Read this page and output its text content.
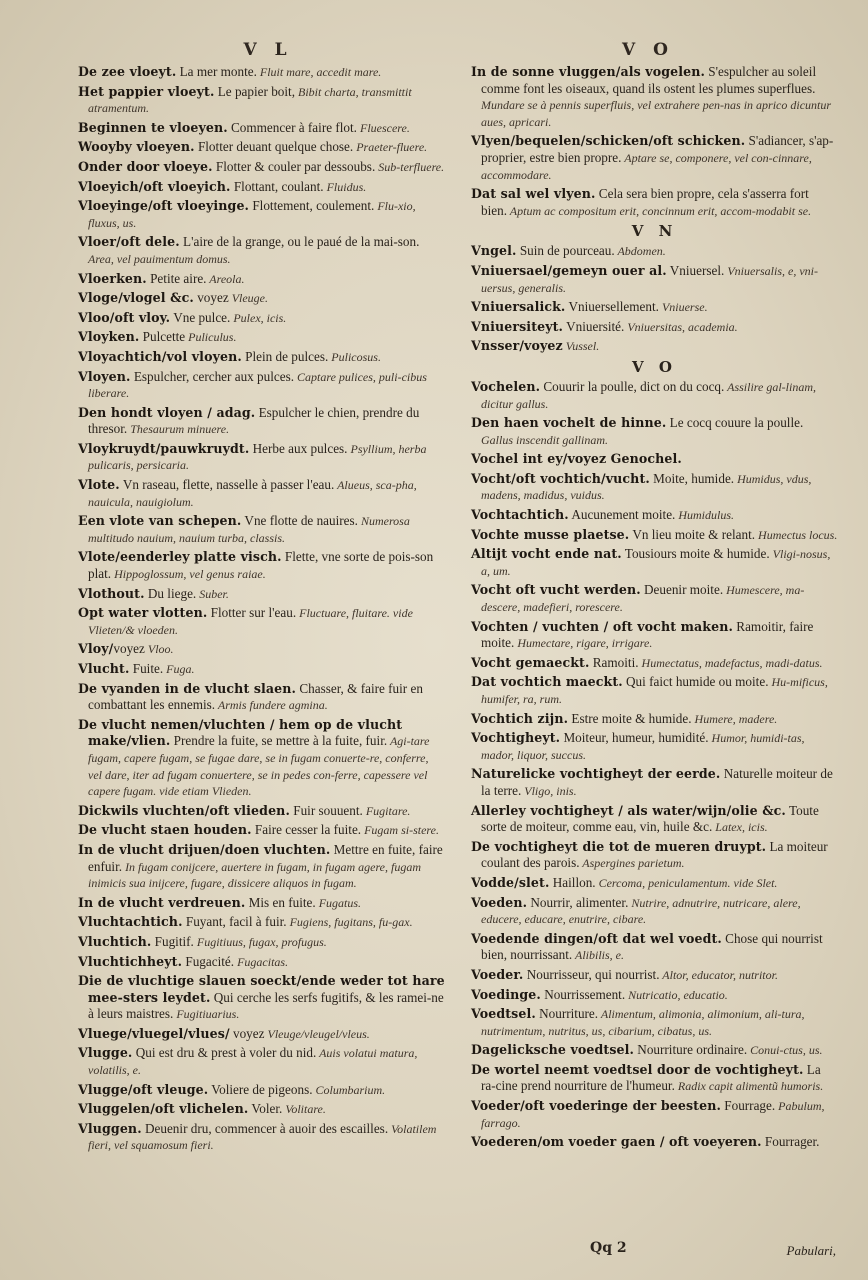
V L	V O
De zee vloeyt. La mer monte. Fluit mare, accedit mare.
Het pappier vloeyt. Le papier boit, Bibit charta, transmittit atramentum.
Beginnen te vloeyen. Commencer à faire flot. Fluescere.
Wooyby vloeyen. Flotter deuant quelque chose. Praeter-fluere.
Onder door vloeye. Flotter & couler par dessoubs. Sub-terfluere.
Vloeyich/oft vloeyich. Flottant, coulant. Fluidus.
Vloeyinge/oft vloeyinge. Flottement, coulement. Flu-xio, fluxus, us.
Vloer/oft dele. L'aire de la grange, ou le paué de la mai-son. Area, vel pauimentum domus.
Vloerken. Petite aire. Areola.
Vloge/vlogel &c. voyez Vleuge.
Vloo/oft vloy. Vne pulce. Pulex, icis.
Vloyken. Pulcette Puliculus.
Vloyachtich/vol vloyen. Plein de pulces. Pulicosus.
Vloyen. Espulcher, cercher aux pulces. Captare pulices, puli-cibus liberare.
Den hondt vloyen / adag. Espulcher le chien, prendre du thresor. Thesaurum minuere.
Vloykruydt/pauwkruydt. Herbe aux pulces. Psyllium, herba pulicaris, persicaria.
Vlote. Vn raseau, flette, nasselle à passer l'eau. Alueus, sca-pha, nauicula, nauigiolum.
Een vlote van schepen. Vne flotte de nauires. Numerosa multitudo nauium, nauium turba, classis.
Vlote/eenderley platte visch. Flette, vne sorte de pois-son plat. Hippoglossum, vel genus raiae.
Vlothout. Du liege. Suber.
Opt water vlotten. Flotter sur l'eau. Fluctuare, fluitare. vide Vlieten/& vloeden.
Vloy/voyez Vloo.
Vlucht. Fuite. Fuga.
De vyanden in de vlucht slaen. Chasser, & faire fuir en combattant les ennemis. Armis fundere agmina.
De vlucht nemen/vluchten / hem op de vlucht make/vlien. Prendre la fuite, se mettre à la fuite, fuir. Agi-tare fugam, capere fugam, se fugae dare, se in fugam conuerte-re, conferre, vel dare, iter ad fugam conuertere, se in pedes con-ferre, capessere vel capere fugam. vide etiam Vlieden.
Dickwils vluchten/oft vlieden. Fuir souuent. Fugitare.
De vlucht staen houden. Faire cesser la fuite. Fugam si-stere.
In de vlucht drijuen/doen vluchten. Mettre en fuite, faire enfuir. In fugam conijcere, auertere in fugam, in fugam agere, fugam inimicis sua inijcere, fugare, dissicere aliquos in fugam.
In de vlucht verdreuen. Mis en fuite. Fugatus.
Vluchtachtich. Fuyant, facil à fuir. Fugiens, fugitans, fu-gax.
Vluchtich. Fugitif. Fugitiuus, fugax, profugus.
Vluchtichheyt. Fugacité. Fugacitas.
Die de vluchtige slauen soeckt/ende weder tot hare mee-sters leydet. Qui cerche les serfs fugitifs, & les ramei-ne à leurs maistres. Fugitiuarius.
Vluege/vluegel/vlues/ voyez Vleuge/vleugel/vleus.
Vlugge. Qui est dru & prest à voler du nid. Auis volatui matura, volatilis, e.
Vlugge/oft vleuge. Voliere de pigeons. Columbarium.
Vluggelen/oft vlichelen. Voler. Volitare.
Vluggen. Deuenir dru, commencer à auoir des escailles. Volatilem fieri, vel squamosum fieri.
In de sonne vluggen/als vogelen. S'espulcher au soleil comme font les oiseaux, quand ils ostent les plumes superflues. Mundare se à pennis superfluis, vel extrahere pen-nas in aprico dicuntur aues, apricari.
Vlyen/bequelen/schicken/oft schicken. S'adiancer, s'ap-proprier, estre bien propre. Aptare se, componere, vel con-cinnare, accommodare.
Dat sal wel vlyen. Cela sera bien propre, cela s'asserra fort bien. Aptum ac compositum erit, concinnum erit, accom-modabit se.
V N
Vngel. Suin de pourceau. Abdomen.
Vniuersael/gemeyn ouer al. Vniuersel. Vniuersalis, e, vni-uersus, generalis.
Vniuersalick. Vniuersellement. Vniuerse.
Vniuersiteyt. Vniuersité. Vniuersitas, academia.
Vnsser/voyez Vussel.
V O
Vochelen. Couurir la poulle, dict on du cocq. Assilire gal-linam, dicitur gallus.
Den haen vochelt de hinne. Le cocq couure la poulle. Gallus inscendit gallinam.
Vochel int ey/voyez Genochel.
Vocht/oft vochtich/vucht. Moite, humide. Humidus, vdus, madens, madidus, vuidus.
Vochtachtich. Aucunement moite. Humidulus.
Vochte musse plaetse. Vn lieu moite & relant. Humectus locus.
Altijt vocht ende nat. Tousiours moite & humide. Vligi-nosus, a, um.
Vocht oft vucht werden. Deuenir moite. Humescere, ma-descere, madefieri, rorescere.
Vochten / vuchten / oft vocht maken. Ramoitir, faire moite. Humectare, rigare, irrigare.
Vocht gemaeckt. Ramoiti. Humectatus, madefactus, madi-datus.
Dat vochtich maeckt. Qui faict humide ou moite. Hu-mificus, humifer, ra, rum.
Vochtich zijn. Estre moite & humide. Humere, madere.
Vochtigheyt. Moiteur, humeur, humidité. Humor, humidi-tas, mador, liquor, succus.
Naturelicke vochtigheyt der eerde. Naturelle moiteur de la terre. Vligo, inis.
Allerley vochtigheyt / als water/wijn/olie &c. Toute sorte de moiteur, comme eau, vin, huile &c. Latex, icis.
De vochtigheyt die tot de mueren druypt. La moiteur coulant des parois. Aspergines parietum.
Vodde/slet. Haillon. Cercoma, peniculamentum. vide Slet.
Voeden. Nourrir, alimenter. Nutrire, adnutrire, nutricare, alere, educere, educare, enutrire, cibare.
Voedende dingen/oft dat wel voedt. Chose qui nourrist bien, nourrissant. Alibilis, e.
Voeder. Nourrisseur, qui nourrist. Altor, educator, nutritor.
Voedinge. Nourrissement. Nutricatio, educatio.
Voedtsel. Nourriture. Alimentum, alimonia, alimonium, ali-tura, nutrimentum, nutritus, us, cibarium, cibatus, us.
Dagelicksche voedtsel. Nourriture ordinaire. Conui-ctus, us.
De wortel neemt voedtsel door de vochtigheyt. La ra-cine prend nourriture de l'humeur. Radix capit alimentũ humoris.
Voeder/oft voederinge der beesten. Fourrage. Pabulum, farrago.
Voederen/om voeder gaen / oft voeyeren. Fourrager.
Qq 2	Pabulari,
